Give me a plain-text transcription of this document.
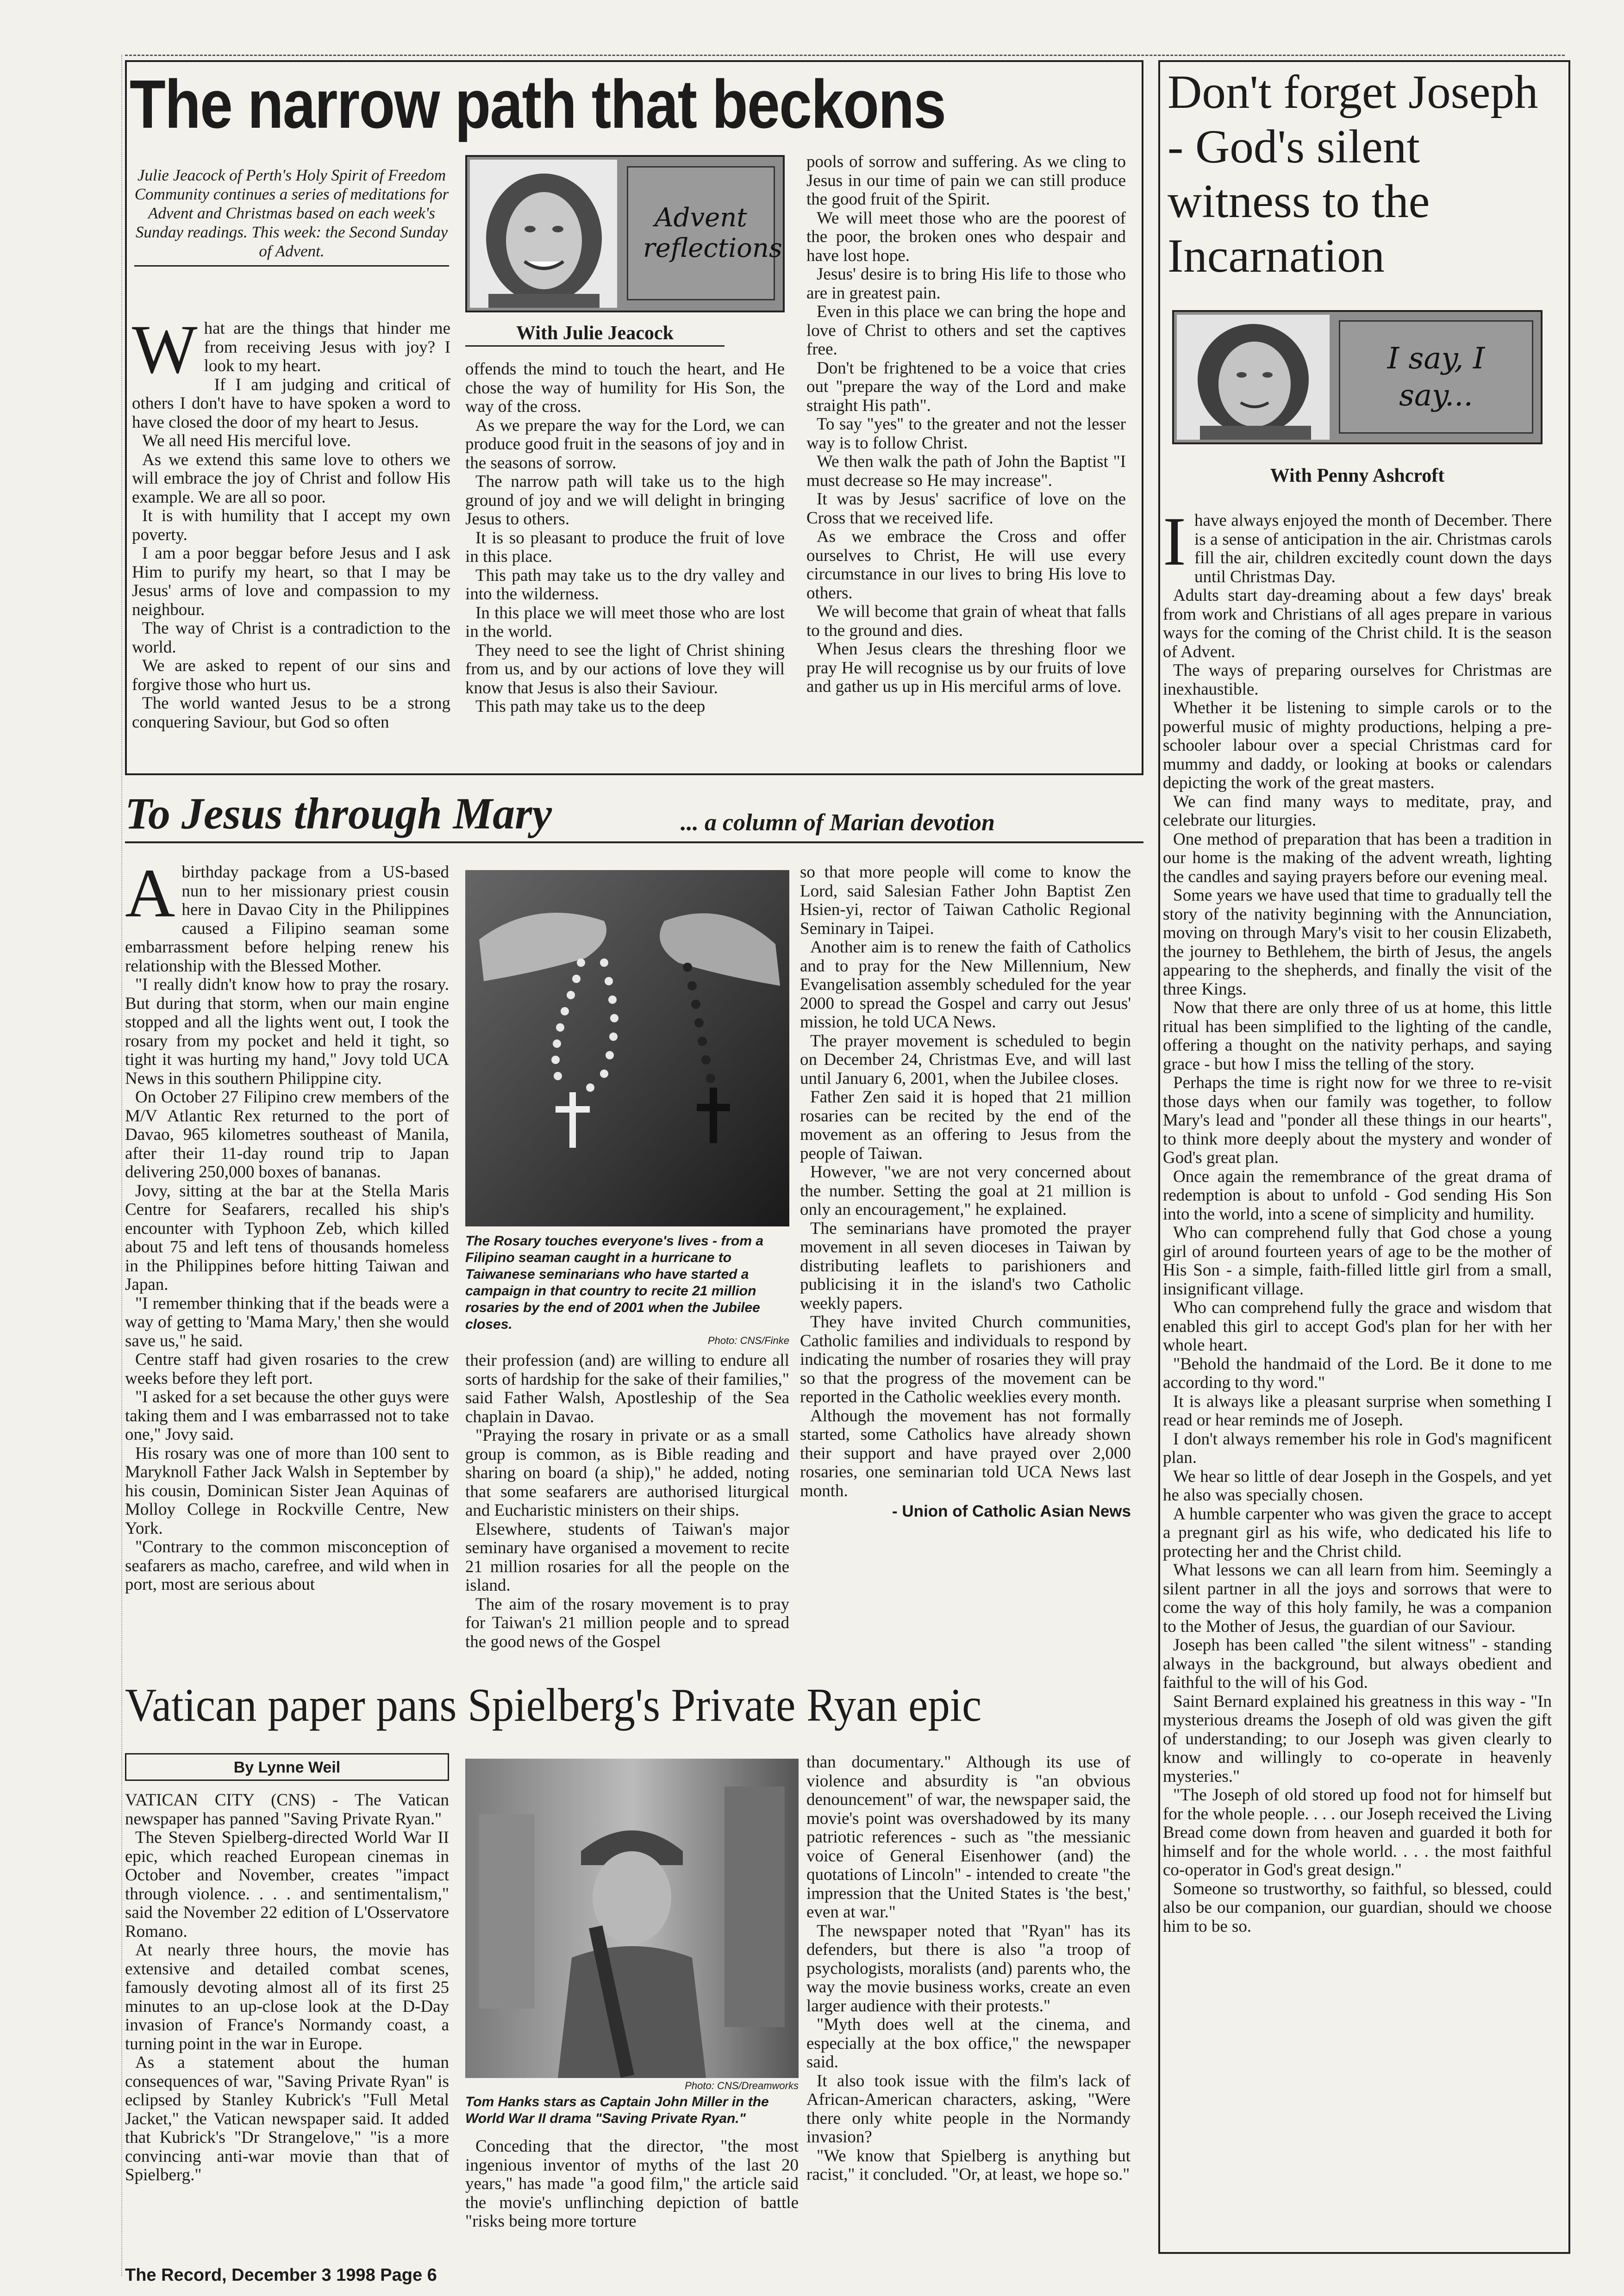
The narrow path that beckons
Julie Jeacock of Perth's Holy Spirit of Freedom Community continues a series of meditations for Advent and Christmas based on each week's Sunday readings. This week: the Second Sunday of Advent.
Advent reflections
With Julie Jeacock
W hat are the things that hinder me from receiving Jesus with joy? I look to my heart.

If I am judging and critical of others I don't have to have spoken a word to have closed the door of my heart to Jesus.

We all need His merciful love.

As we extend this same love to others we will embrace the joy of Christ and follow His example. We are all so poor.

It is with humility that I accept my own poverty.

I am a poor beggar before Jesus and I ask Him to purify my heart, so that I may be Jesus' arms of love and compassion to my neighbour.

The way of Christ is a contradiction to the world.

We are asked to repent of our sins and forgive those who hurt us.

The world wanted Jesus to be a strong conquering Saviour, but God so often

offends the mind to touch the heart, and He chose the way of humility for His Son, the way of the cross.

As we prepare the way for the Lord, we can produce good fruit in the seasons of joy and in the seasons of sorrow.

The narrow path will take us to the high ground of joy and we will delight in bringing Jesus to others.

It is so pleasant to produce the fruit of love in this place.

This path may take us to the dry valley and into the wilderness.

In this place we will meet those who are lost in the world.

They need to see the light of Christ shining from us, and by our actions of love they will know that Jesus is also their Saviour.

This path may take us to the deep

pools of sorrow and suffering. As we cling to Jesus in our time of pain we can still produce the good fruit of the Spirit.

We will meet those who are the poorest of the poor, the broken ones who despair and have lost hope.

Jesus' desire is to bring His life to those who are in greatest pain.

Even in this place we can bring the hope and love of Christ to others and set the captives free.

Don't be frightened to be a voice that cries out "prepare the way of the Lord and make straight His path".

To say "yes" to the greater and not the lesser way is to follow Christ.

We then walk the path of John the Baptist "I must decrease so He may increase".

It was by Jesus' sacrifice of love on the Cross that we received life.

As we embrace the Cross and offer ourselves to Christ, He will use every circumstance in our lives to bring His love to others.

We will become that grain of wheat that falls to the ground and dies.

When Jesus clears the threshing floor we pray He will recognise us by our fruits of love and gather us up in His merciful arms of love.

To Jesus through Mary	... a column of Marian devotion
A birthday package from a US-based nun to her missionary priest cousin here in Davao City in the Philippines caused a Filipino seaman some embarrassment before helping renew his relationship with the Blessed Mother.

"I really didn't know how to pray the rosary. But during that storm, when our main engine stopped and all the lights went out, I took the rosary from my pocket and held it tight, so tight it was hurting my hand," Jovy told UCA News in this southern Philippine city.

On October 27 Filipino crew members of the M/V Atlantic Rex returned to the port of Davao, 965 kilometres southeast of Manila, after their 11-day round trip to Japan delivering 250,000 boxes of bananas.

Jovy, sitting at the bar at the Stella Maris Centre for Seafarers, recalled his ship's encounter with Typhoon Zeb, which killed about 75 and left tens of thousands homeless in the Philippines before hitting Taiwan and Japan.

"I remember thinking that if the beads were a way of getting to 'Mama Mary,' then she would save us," he said.

Centre staff had given rosaries to the crew weeks before they left port.

"I asked for a set because the other guys were taking them and I was embarrassed not to take one," Jovy said.

His rosary was one of more than 100 sent to Maryknoll Father Jack Walsh in September by his cousin, Dominican Sister Jean Aquinas of Molloy College in Rockville Centre, New York.

"Contrary to the common misconception of seafarers as macho, carefree, and wild when in port, most are serious about

The Rosary touches everyone's lives - from a Filipino seaman caught in a hurricane to Taiwanese seminarians who have started a campaign in that country to recite 21 million rosaries by the end of 2001 when the Jubilee closes.
Photo: CNS/Finke

their profession (and) are willing to endure all sorts of hardship for the sake of their families," said Father Walsh, Apostleship of the Sea chaplain in Davao.

"Praying the rosary in private or as a small group is common, as is Bible reading and sharing on board (a ship)," he added, noting that some seafarers are authorised liturgical and Eucharistic ministers on their ships.

Elsewhere, students of Taiwan's major seminary have organised a movement to recite 21 million rosaries for all the people on the island.

The aim of the rosary movement is to pray for Taiwan's 21 million people and to spread the good news of the Gospel

so that more people will come to know the Lord, said Salesian Father John Baptist Zen Hsien-yi, rector of Taiwan Catholic Regional Seminary in Taipei.

Another aim is to renew the faith of Catholics and to pray for the New Millennium, New Evangelisation assembly scheduled for the year 2000 to spread the Gospel and carry out Jesus' mission, he told UCA News.

The prayer movement is scheduled to begin on December 24, Christmas Eve, and will last until January 6, 2001, when the Jubilee closes.

Father Zen said it is hoped that 21 million rosaries can be recited by the end of the movement as an offering to Jesus from the people of Taiwan.

However, "we are not very concerned about the number. Setting the goal at 21 million is only an encouragement," he explained.

The seminarians have promoted the prayer movement in all seven dioceses in Taiwan by distributing leaflets to parishioners and publicising it in the island's two Catholic weekly papers.

They have invited Church communities, Catholic families and individuals to respond by indicating the number of rosaries they will pray so that the progress of the movement can be reported in the Catholic weeklies every month.

Although the movement has not formally started, some Catholics have already shown their support and have prayed over 2,000 rosaries, one seminarian told UCA News last month.

- Union of Catholic Asian News
Vatican paper pans Spielberg's Private Ryan epic
By Lynne Weil

VATICAN CITY (CNS) - The Vatican newspaper has panned "Saving Private Ryan."

The Steven Spielberg-directed World War II epic, which reached European cinemas in October and November, creates "impact through violence. . . . and sentimentalism," said the November 22 edition of L'Osservatore Romano.

At nearly three hours, the movie has extensive and detailed combat scenes, famously devoting almost all of its first 25 minutes to an up-close look at the D-Day invasion of France's Normandy coast, a turning point in the war in Europe.

As a statement about the human consequences of war, "Saving Private Ryan" is eclipsed by Stanley Kubrick's "Full Metal Jacket," the Vatican newspaper said. It added that Kubrick's "Dr Strangelove," "is a more convincing anti-war movie than that of Spielberg."

Photo: CNS/Dreamworks
Tom Hanks stars as Captain John Miller in the World War II drama "Saving Private Ryan."

Conceding that the director, "the most ingenious inventor of myths of the last 20 years," has made "a good film," the article said the movie's unflinching depiction of battle "risks being more torture

than documentary." Although its use of violence and absurdity is "an obvious denouncement" of war, the newspaper said, the movie's point was overshadowed by its many patriotic references - such as "the messianic voice of General Eisenhower (and) the quotations of Lincoln" - intended to create "the impression that the United States is 'the best,' even at war."

The newspaper noted that "Ryan" has its defenders, but there is also "a troop of psychologists, moralists (and) parents who, the way the movie business works, create an even larger audience with their protests."

"Myth does well at the cinema, and especially at the box office," the newspaper said.

It also took issue with the film's lack of African-American characters, asking, "Were there only white people in the Normandy invasion?

"We know that Spielberg is anything but racist," it concluded. "Or, at least, we hope so."

Don't forget Joseph - God's silent witness to the Incarnation
I say, I say...
With Penny Ashcroft
I have always enjoyed the month of December. There is a sense of anticipation in the air. Christmas carols fill the air, children excitedly count down the days until Christmas Day.

Adults start day-dreaming about a few days' break from work and Christians of all ages prepare in various ways for the coming of the Christ child. It is the season of Advent.

The ways of preparing ourselves for Christmas are inexhaustible.

Whether it be listening to simple carols or to the powerful music of mighty productions, helping a pre-schooler labour over a special Christmas card for mummy and daddy, or looking at books or calendars depicting the work of the great masters.

We can find many ways to meditate, pray, and celebrate our liturgies.

One method of preparation that has been a tradition in our home is the making of the advent wreath, lighting the candles and saying prayers before our evening meal.

Some years we have used that time to gradually tell the story of the nativity beginning with the Annunciation, moving on through Mary's visit to her cousin Elizabeth, the journey to Bethlehem, the birth of Jesus, the angels appearing to the shepherds, and finally the visit of the three Kings.

Now that there are only three of us at home, this little ritual has been simplified to the lighting of the candle, offering a thought on the nativity perhaps, and saying grace - but how I miss the telling of the story.

Perhaps the time is right now for we three to re-visit those days when our family was together, to follow Mary's lead and "ponder all these things in our hearts", to think more deeply about the mystery and wonder of God's great plan.

Once again the remembrance of the great drama of redemption is about to unfold - God sending His Son into the world, into a scene of simplicity and humility.

Who can comprehend fully that God chose a young girl of around fourteen years of age to be the mother of His Son - a simple, faith-filled little girl from a small, insignificant village.

Who can comprehend fully the grace and wisdom that enabled this girl to accept God's plan for her with her whole heart.

"Behold the handmaid of the Lord. Be it done to me according to thy word."

It is always like a pleasant surprise when something I read or hear reminds me of Joseph.

I don't always remember his role in God's magnificent plan.

We hear so little of dear Joseph in the Gospels, and yet he also was specially chosen.

A humble carpenter who was given the grace to accept a pregnant girl as his wife, who dedicated his life to protecting her and the Christ child.

What lessons we can all learn from him. Seemingly a silent partner in all the joys and sorrows that were to come the way of this holy family, he was a companion to the Mother of Jesus, the guardian of our Saviour.

Joseph has been called "the silent witness" - standing always in the background, but always obedient and faithful to the will of his God.

Saint Bernard explained his greatness in this way - "In mysterious dreams the Joseph of old was given the gift of understanding; to our Joseph was given clearly to know and willingly to co-operate in heavenly mysteries."

"The Joseph of old stored up food not for himself but for the whole people. . . . our Joseph received the Living Bread come down from heaven and guarded it both for himself and for the whole world. . . . the most faithful co-operator in God's great design."

Someone so trustworthy, so faithful, so blessed, could also be our companion, our guardian, should we choose him to be so.

The Record, December 3 1998 Page 6
